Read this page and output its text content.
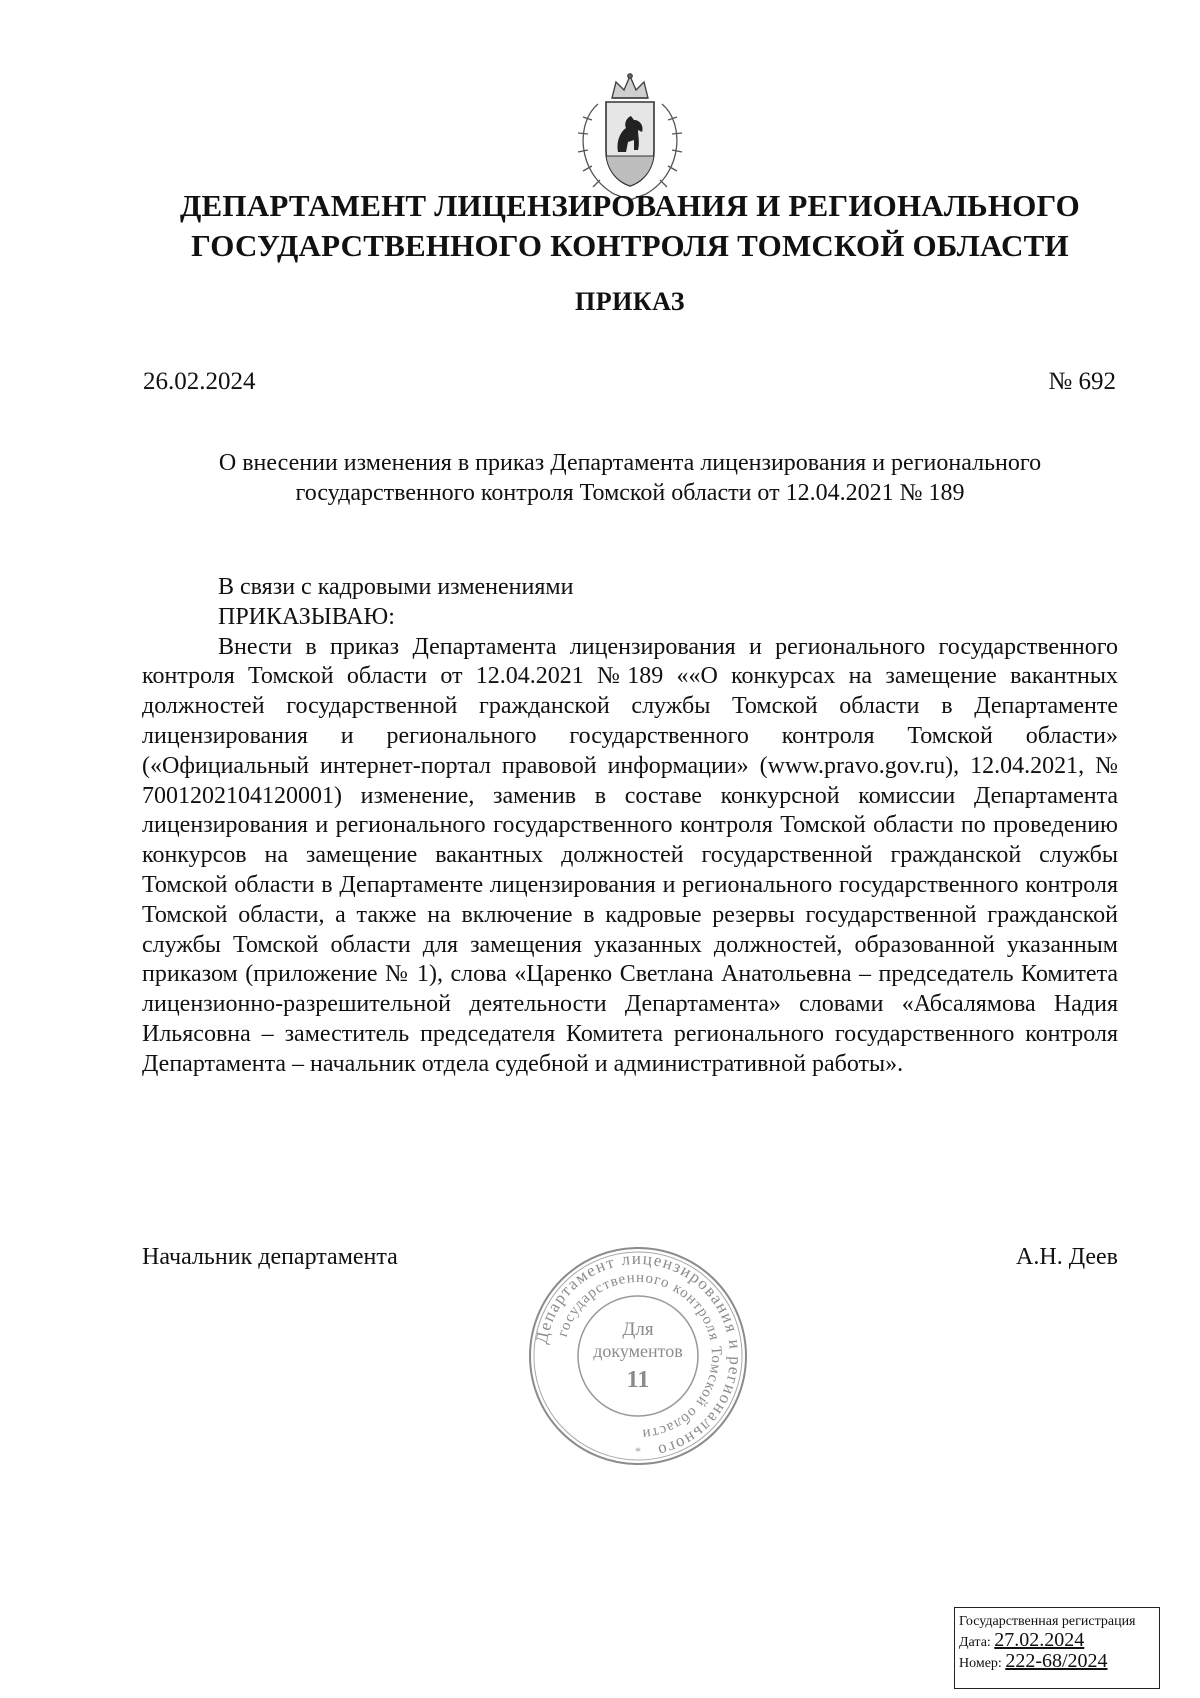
ДЕПАРТАМЕНТ ЛИЦЕНЗИРОВАНИЯ И РЕГИОНАЛЬНОГО
ГОСУДАРСТВЕННОГО КОНТРОЛЯ ТОМСКОЙ ОБЛАСТИ
ПРИКАЗ
26.02.2024	№ 692
О внесении изменения в приказ Департамента лицензирования и регионального
государственного контроля Томской области от 12.04.2021 № 189

В связи с кадровыми изменениями

ПРИКАЗЫВАЮ:

Внести в приказ Департамента лицензирования и регионального государственного контроля Томской области от 12.04.2021 №189 ««О конкурсах на замещение вакантных должностей государственной гражданской службы Томской области в Департаменте лицензирования и регионального государственного контроля Томской области» («Официальный интернет-портал правовой информации» (www.pravo.gov.ru), 12.04.2021, № 7001202104120001) изменение, заменив в составе конкурсной комиссии Департамента лицензирования и регионального государственного контроля Томской области по проведению конкурсов на замещение вакантных должностей государственной гражданской службы Томской области в Департаменте лицензирования и регионального государственного контроля Томской области, а также на включение в кадровые резервы государственной гражданской службы Томской области для замещения указанных должностей, образованной указанным приказом (приложение № 1), слова «Царенко Светлана Анатольевна – председатель Комитета лицензионно-разрешительной деятельности Департамента» словами «Абсалямова Надия Ильясовна – заместитель председателя Комитета регионального государственного контроля Департамента – начальник отдела судебной и административной работы».

Начальник департамента	А.Н. Деев
Департамент лицензирования и регионального
государственного контроля Томской области
Для
документов
11
*
Государственная регистрация
Дата: 27.02.2024
Номер: 222-68/2024
